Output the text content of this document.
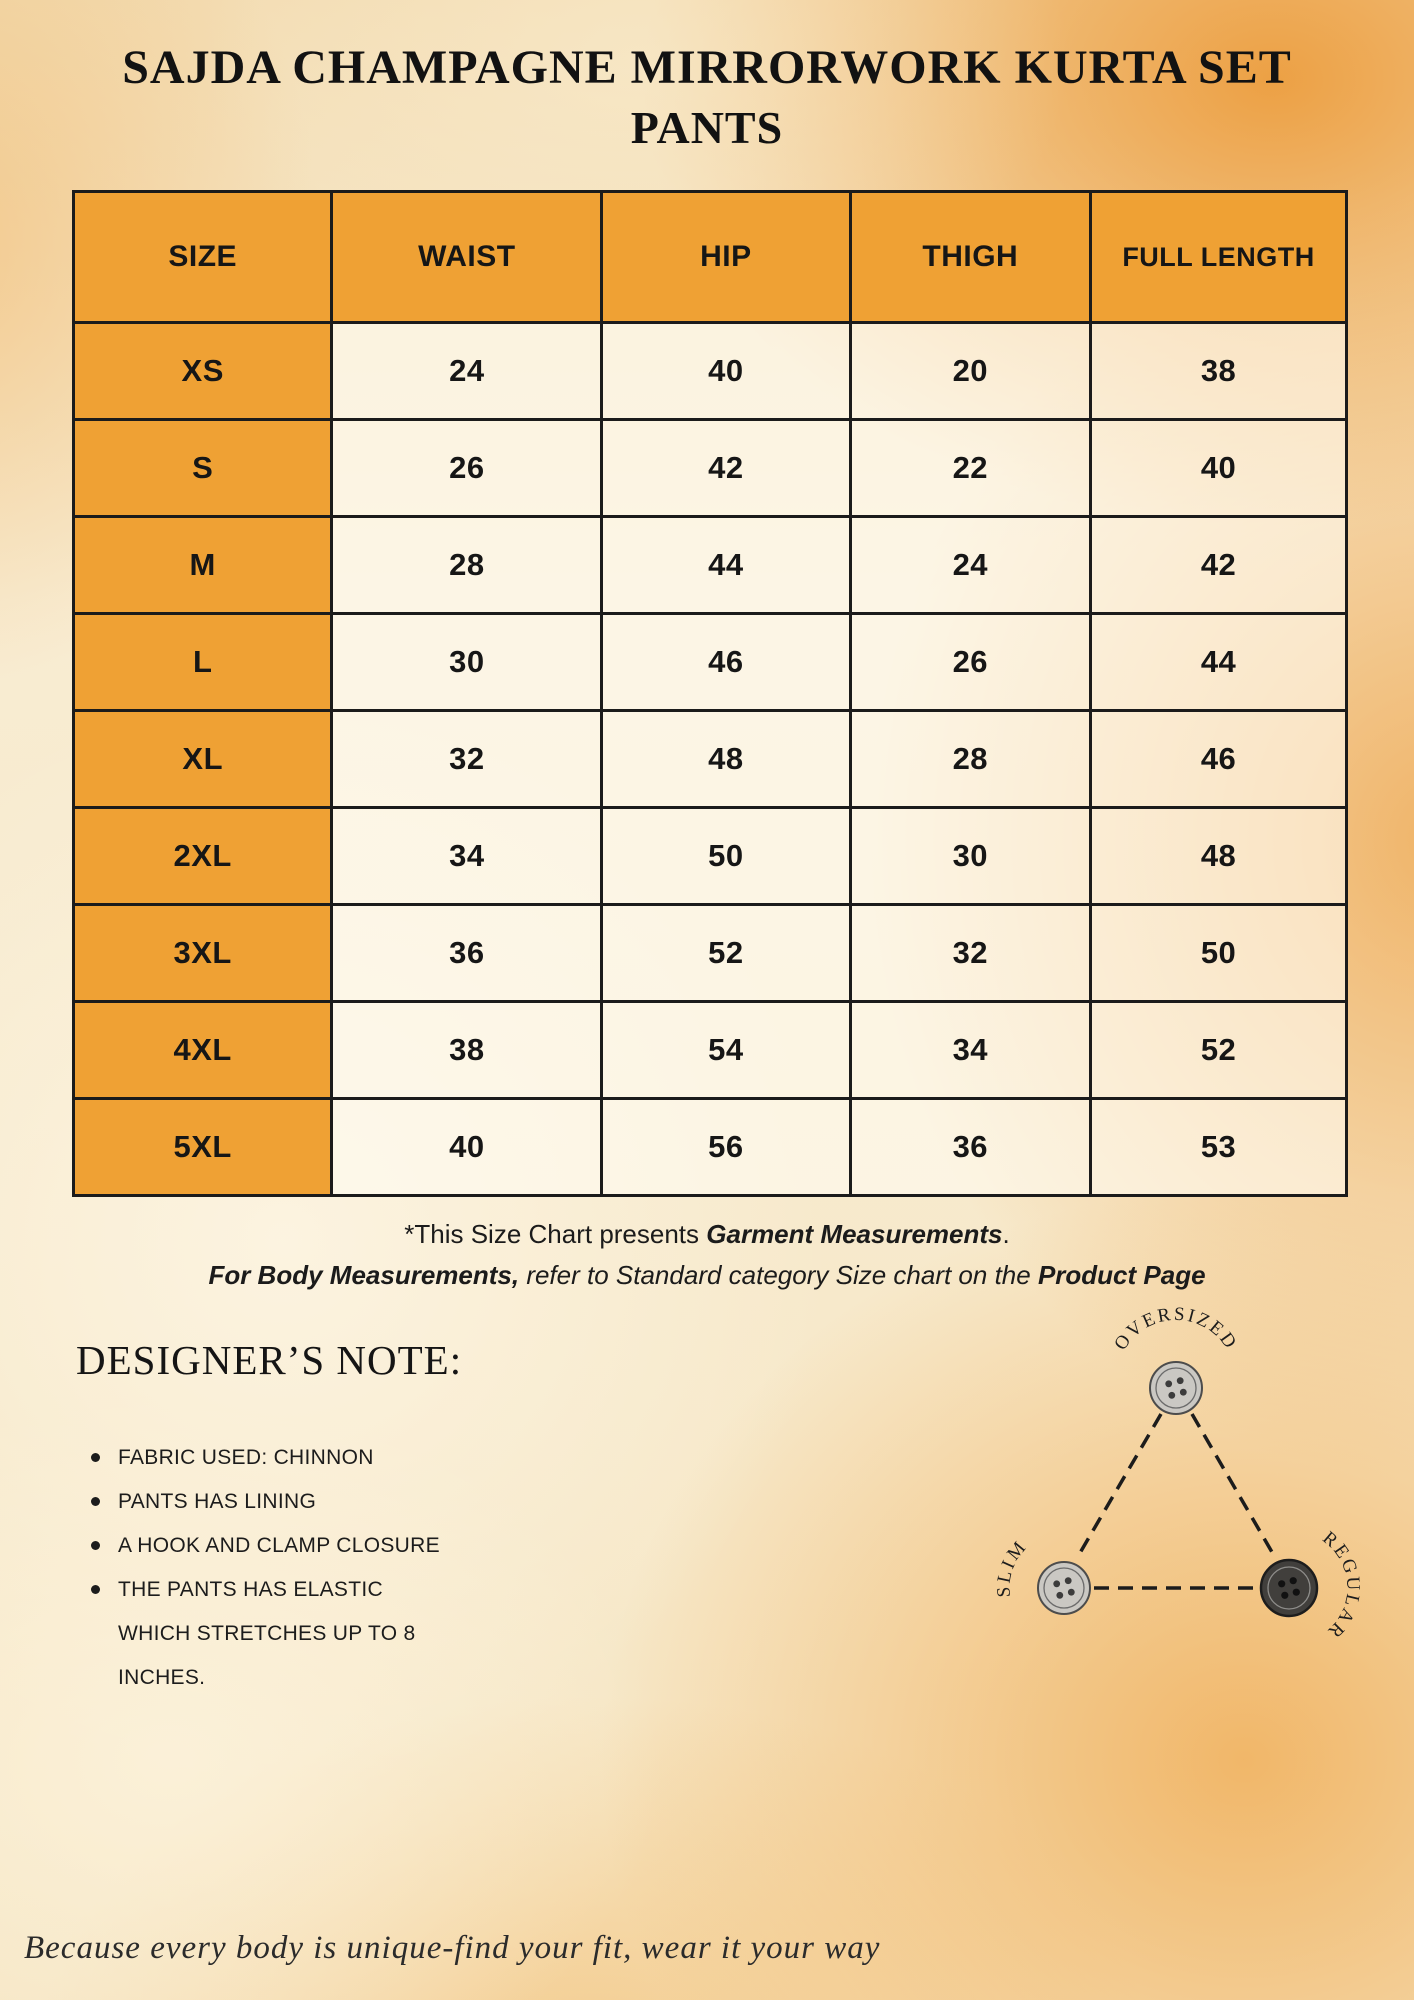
SAJDA CHAMPAGNE MIRRORWORK KURTA SET
PANTS
SIZE	WAIST	HIP	THIGH	FULL LENGTH
XS	24	40	20	38
S	26	42	22	40
M	28	44	24	42
L	30	46	26	44
XL	32	48	28	46
2XL	34	50	30	48
3XL	36	52	32	50
4XL	38	54	34	52
5XL	40	56	36	53
*This Size Chart presents Garment Measurements.
For Body Measurements, refer to Standard category Size chart on the Product Page
DESIGNER’S NOTE:
FABRIC USED: CHINNON
PANTS HAS LINING
A HOOK AND CLAMP CLOSURE
THE PANTS HAS ELASTIC WHICH STRETCHES UP TO 8 INCHES.
OVERSIZED
SLIM	REGULAR
Because every body is unique-find your fit, wear it your way
